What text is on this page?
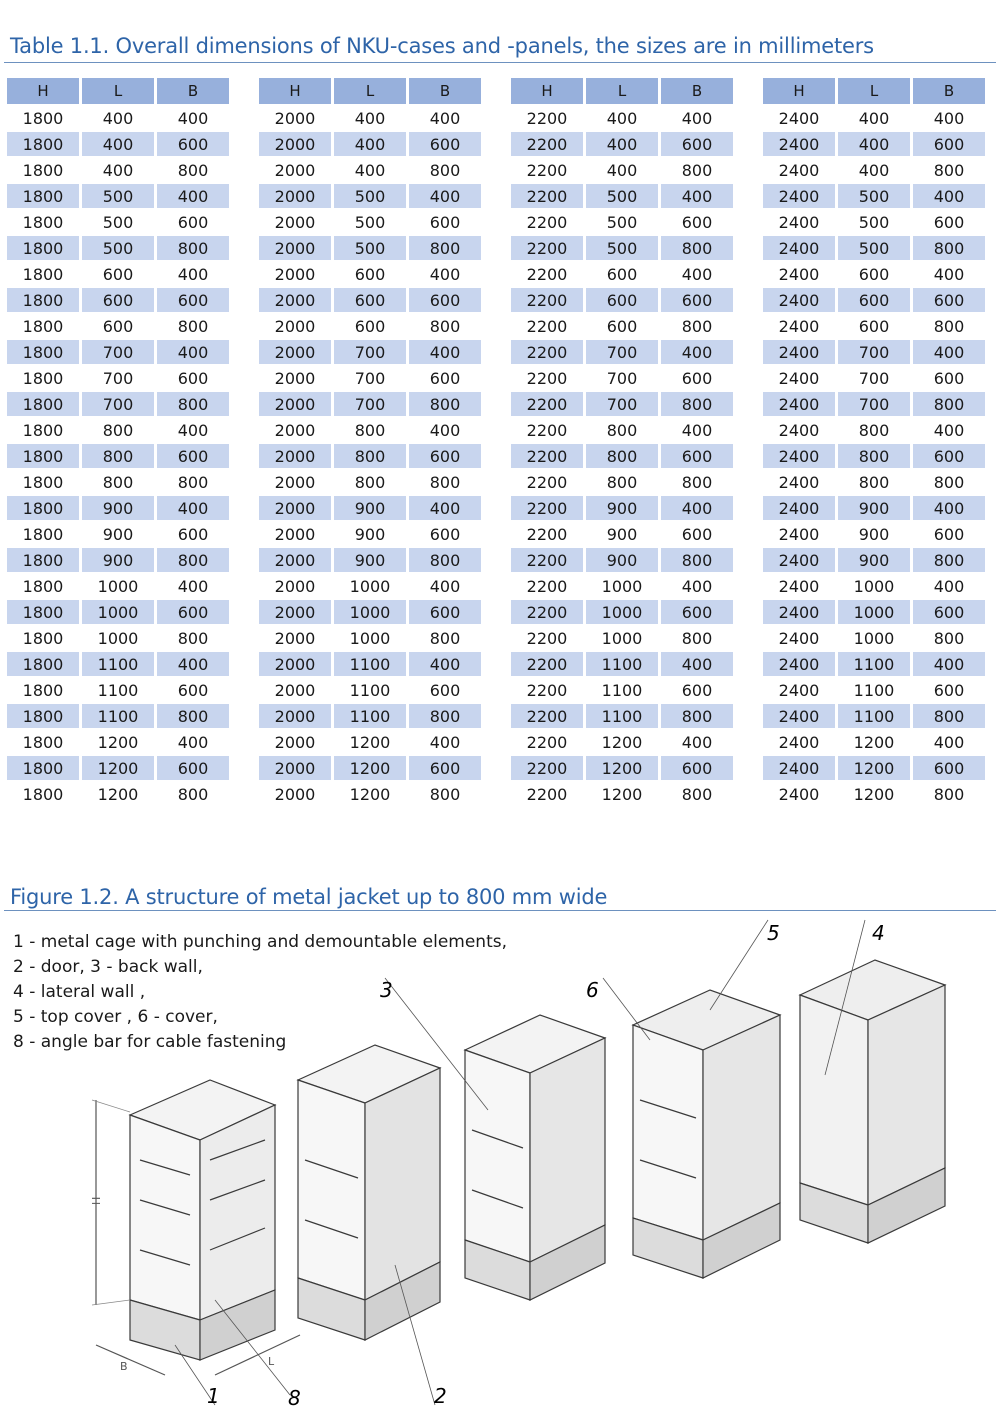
Table 1.1. Overall dimensions of NKU-cases and -panels, the sizes are in millimeters
H	L	B
1800	400	400
1800	400	600
1800	400	800
1800	500	400
1800	500	600
1800	500	800
1800	600	400
1800	600	600
1800	600	800
1800	700	400
1800	700	600
1800	700	800
1800	800	400
1800	800	600
1800	800	800
1800	900	400
1800	900	600
1800	900	800
1800	1000	400
1800	1000	600
1800	1000	800
1800	1100	400
1800	1100	600
1800	1100	800
1800	1200	400
1800	1200	600
1800	1200	800
H	L	B
2000	400	400
2000	400	600
2000	400	800
2000	500	400
2000	500	600
2000	500	800
2000	600	400
2000	600	600
2000	600	800
2000	700	400
2000	700	600
2000	700	800
2000	800	400
2000	800	600
2000	800	800
2000	900	400
2000	900	600
2000	900	800
2000	1000	400
2000	1000	600
2000	1000	800
2000	1100	400
2000	1100	600
2000	1100	800
2000	1200	400
2000	1200	600
2000	1200	800
H	L	B
2200	400	400
2200	400	600
2200	400	800
2200	500	400
2200	500	600
2200	500	800
2200	600	400
2200	600	600
2200	600	800
2200	700	400
2200	700	600
2200	700	800
2200	800	400
2200	800	600
2200	800	800
2200	900	400
2200	900	600
2200	900	800
2200	1000	400
2200	1000	600
2200	1000	800
2200	1100	400
2200	1100	600
2200	1100	800
2200	1200	400
2200	1200	600
2200	1200	800
H	L	B
2400	400	400
2400	400	600
2400	400	800
2400	500	400
2400	500	600
2400	500	800
2400	600	400
2400	600	600
2400	600	800
2400	700	400
2400	700	600
2400	700	800
2400	800	400
2400	800	600
2400	800	800
2400	900	400
2400	900	600
2400	900	800
2400	1000	400
2400	1000	600
2400	1000	800
2400	1100	400
2400	1100	600
2400	1100	800
2400	1200	400
2400	1200	600
2400	1200	800
Figure 1.2. A structure of metal jacket up to 800 mm wide
1 - metal cage with punching and demountable elements,
2 - door, 3 - back wall,
4 - lateral wall ,
5 - top cover , 6 - cover,
8 - angle bar for cable fastening
H
B	L
1	8	2
3	6
5	4
